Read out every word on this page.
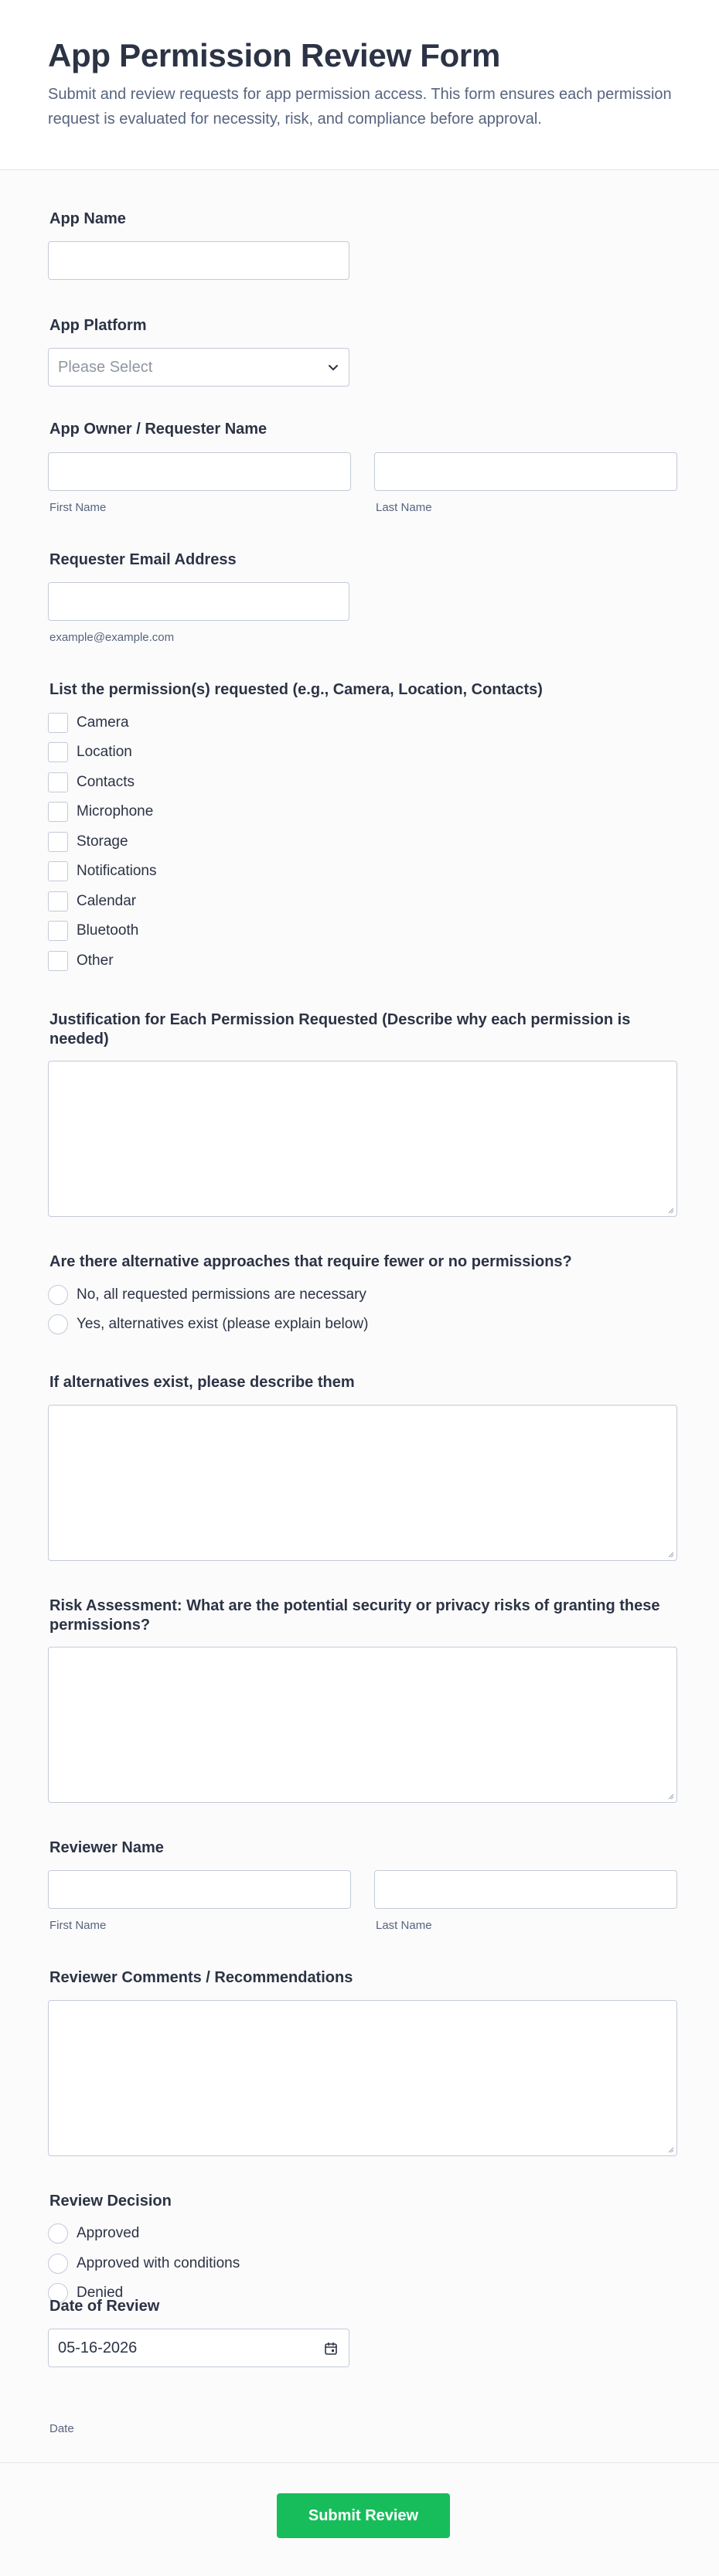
App Permission Review Form

Submit and review requests for app permission access. This form ensures each permission request is evaluated for necessity, risk, and compliance before approval.

App Name
App Platform
Please Select
App Owner / Requester Name
First Name	Last Name
Requester Email Address
example@example.com
List the permission(s) requested (e.g., Camera, Location, Contacts)
Camera
Location
Contacts
Microphone
Storage
Notifications
Calendar
Bluetooth
Other
Justification for Each Permission Requested (Describe why each permission is
needed)
Are there alternative approaches that require fewer or no permissions?
No, all requested permissions are necessary
Yes, alternatives exist (please explain below)
If alternatives exist, please describe them
Risk Assessment: What are the potential security or privacy risks of granting these
permissions?
Reviewer Name
First Name	Last Name
Reviewer Comments / Recommendations
Review Decision
Approved
Approved with conditions
Denied
Date of Review
05-16-2026
Date
Submit Review
